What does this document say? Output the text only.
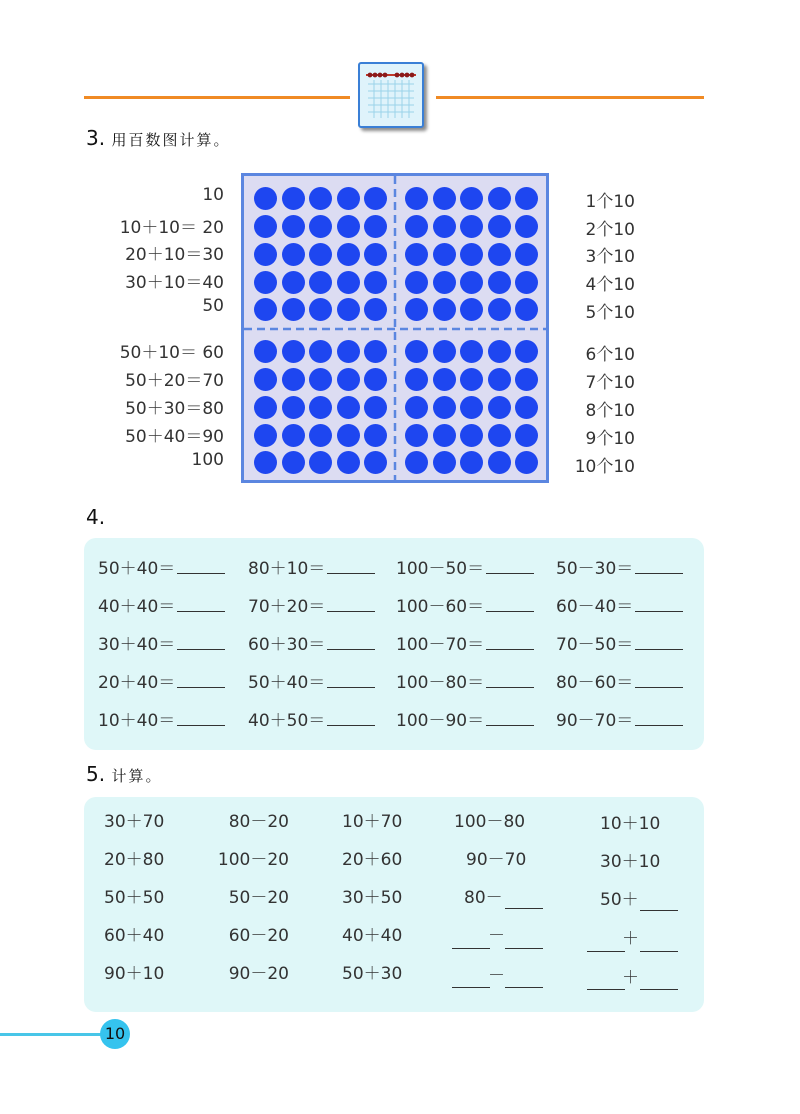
3. 用百数图计算。
10
10＋10＝ 20
20＋10＝30
30＋10＝40
50
50＋10＝ 60
50＋20＝70
50＋30＝80
50＋40＝90
100
1个10
2个10
3个10
4个10
5个10
6个10
7个10
8个10
9个10
10个10
4.
5. 计算。
10
50＋40＝
40＋40＝
30＋40＝
20＋40＝
10＋40＝
80＋10＝
70＋20＝
60＋30＝
50＋40＝
40＋50＝
100－50＝
100－60＝
100－70＝
100－80＝
100－90＝
50－30＝
60－40＝
70－50＝
80－60＝
90－70＝
30＋70
20＋80
50＋50
60＋40
90＋10
80－20
100－20
50－20
60－20
90－20
10＋70
20＋60
30＋50
40＋40
50＋30
100－80
90－70
80－
10＋10
30＋10
50＋
－	＋
－	＋
